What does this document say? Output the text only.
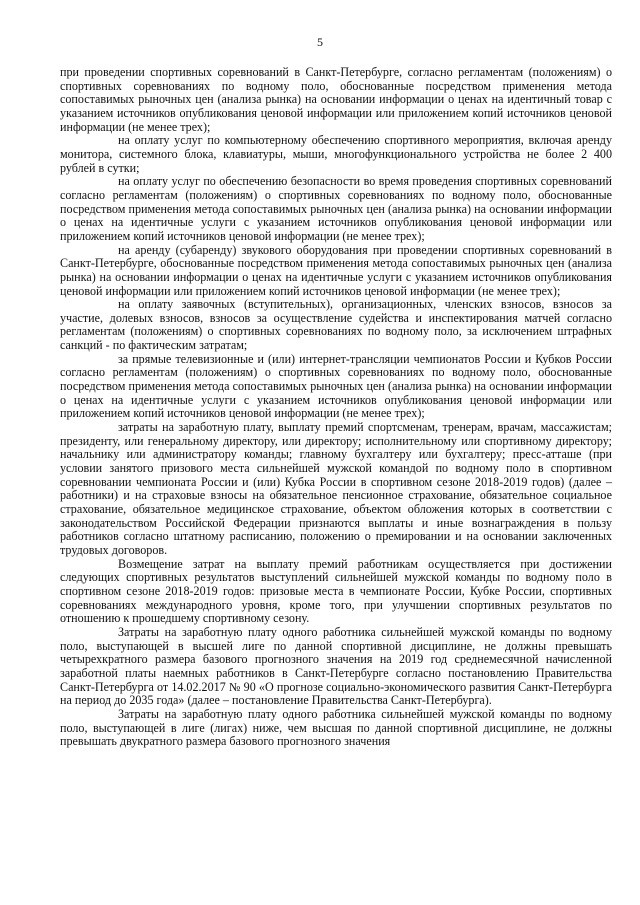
5

при проведении спортивных соревнований в Санкт-Петербурге, согласно регламентам (положениям) о спортивных соревнованиях по водному поло, обоснованные посредством применения метода сопоставимых рыночных цен (анализа рынка) на основании информации о ценах на идентичный товар с указанием источников опубликования ценовой информации или приложением копий источников ценовой информации (не менее трех);

на оплату услуг по компьютерному обеспечению спортивного мероприятия, включая аренду монитора, системного блока, клавиатуры, мыши, многофункционального устройства не более 2 400 рублей в сутки;

на оплату услуг по обеспечению безопасности во время проведения спортивных соревнований согласно регламентам (положениям) о спортивных соревнованиях по водному поло, обоснованные посредством применения метода сопоставимых рыночных цен (анализа рынка) на основании информации о ценах на идентичные услуги с указанием источников опубликования ценовой информации или приложением копий источников ценовой информации (не менее трех);

на аренду (субаренду) звукового оборудования при проведении спортивных соревнований в Санкт-Петербурге, обоснованные посредством применения метода сопоставимых рыночных цен (анализа рынка) на основании информации о ценах на идентичные услуги с указанием источников опубликования ценовой информации или приложением копий источников ценовой информации (не менее трех);

на оплату заявочных (вступительных), организационных, членских взносов, взносов за участие, долевых взносов, взносов за осуществление судейства и инспектирования матчей согласно регламентам (положениям) о спортивных соревнованиях по водному поло, за исключением штрафных санкций - по фактическим затратам;

за прямые телевизионные и (или) интернет-трансляции чемпионатов России и Кубков России согласно регламентам (положениям) о спортивных соревнованиях по водному поло, обоснованные посредством применения метода сопоставимых рыночных цен (анализа рынка) на основании информации о ценах на идентичные услуги с указанием источников опубликования ценовой информации или приложением копий источников ценовой информации (не менее трех);

затраты на заработную плату, выплату премий спортсменам, тренерам, врачам, массажистам; президенту, или генеральному директору, или директору; исполнительному или спортивному директору; начальнику или администратору команды; главному бухгалтеру или бухгалтеру; пресс-атташе (при условии занятого призового места сильнейшей мужской командой по водному поло в спортивном соревновании чемпионата России и (или) Кубка России в спортивном сезоне 2018-2019 годов) (далее – работники) и на страховые взносы на обязательное пенсионное страхование, обязательное социальное страхование, обязательное медицинское страхование, объектом обложения которых в соответствии с законодательством Российской Федерации признаются выплаты и иные вознаграждения в пользу работников согласно штатному расписанию, положению о премировании и на основании заключенных трудовых договоров.

Возмещение затрат на выплату премий работникам осуществляется при достижении следующих спортивных результатов выступлений сильнейшей мужской команды по водному поло в спортивном сезоне 2018-2019 годов: призовые места в чемпионате России, Кубке России, спортивных соревнованиях международного уровня, кроме того, при улучшении спортивных результатов по отношению к прошедшему спортивному сезону.

Затраты на заработную плату одного работника сильнейшей мужской команды по водному поло, выступающей в высшей лиге по данной спортивной дисциплине, не должны превышать четырехкратного размера базового прогнозного значения на 2019 год среднемесячной начисленной заработной платы наемных работников в Санкт-Петербурге согласно постановлению Правительства Санкт-Петербурга от 14.02.2017 № 90 «О прогнозе социально-экономического развития Санкт-Петербурга на период до 2035 года» (далее – постановление Правительства Санкт-Петербурга).

Затраты на заработную плату одного работника сильнейшей мужской команды по водному поло, выступающей в лиге (лигах) ниже, чем высшая по данной спортивной дисциплине, не должны превышать двукратного размера базового прогнозного значения
